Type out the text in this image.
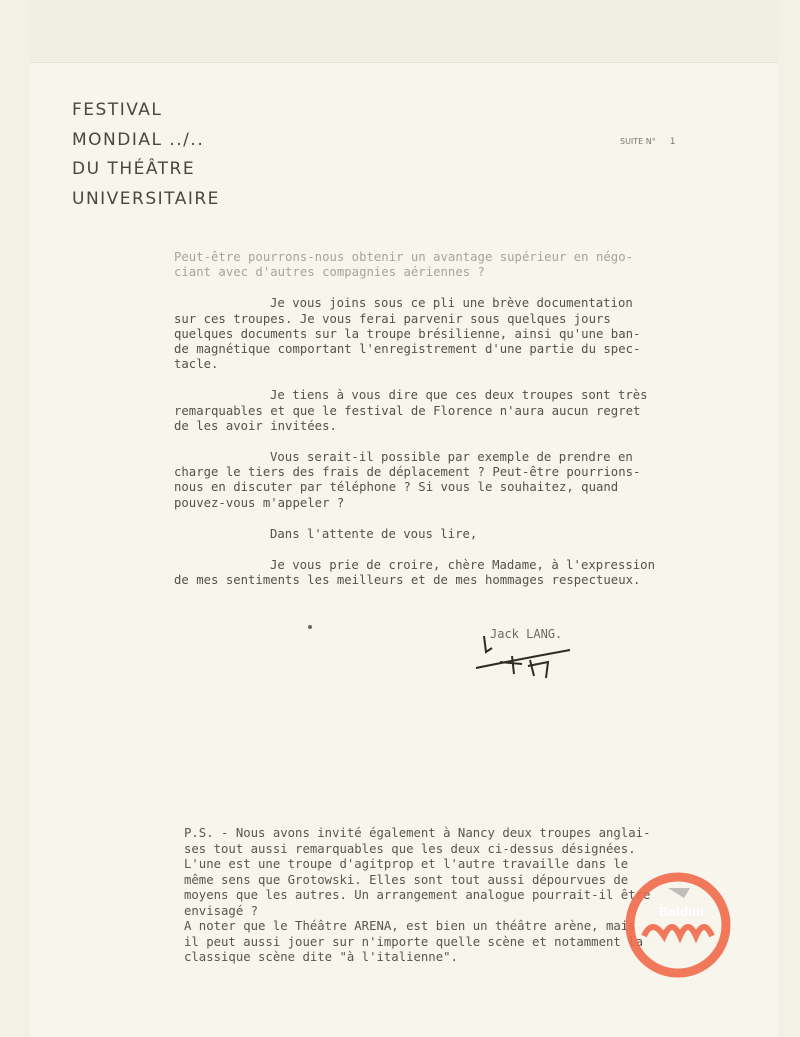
FESTIVAL
MONDIAL ../..
DU THÉÂTRE
UNIVERSITAIRE
SUITE N° 1

Peut-être pourrons-nous obtenir un avantage supérieur en négo-
ciant avec d'autres compagnies aériennes ?

Je vous joins sous ce pli une brève documentation
sur ces troupes. Je vous ferai parvenir sous quelques jours
quelques documents sur la troupe brésilienne, ainsi qu'une ban-
de magnétique comportant l'enregistrement d'une partie du spec-
tacle.

Je tiens à vous dire que ces deux troupes sont très
remarquables et que le festival de Florence n'aura aucun regret
de les avoir invitées.

Vous serait-il possible par exemple de prendre en
charge le tiers des frais de déplacement ? Peut-être pourrions-
nous en discuter par téléphone ? Si vous le souhaitez, quand
pouvez-vous m'appeler ?

Dans l'attente de vous lire,

Je vous prie de croire, chère Madame, à l'expression
de mes sentiments les meilleurs et de mes hommages respectueux.

Jack LANG.
P.S. - Nous avons invité également à Nancy deux troupes anglai-
ses tout aussi remarquables que les deux ci-dessus désignées.
L'une est une troupe d'agitprop et l'autre travaille dans le
même sens que Grotowski. Elles sont tout aussi dépourvues de
moyens que les autres. Un arrangement analogue pourrait-il être
envisagé ?
A noter que le Théâtre ARENA, est bien un théâtre arène, mais
il peut aussi jouer sur n'importe quelle scène et notamment la
classique scène dite "à l'italienne".
Baldini
